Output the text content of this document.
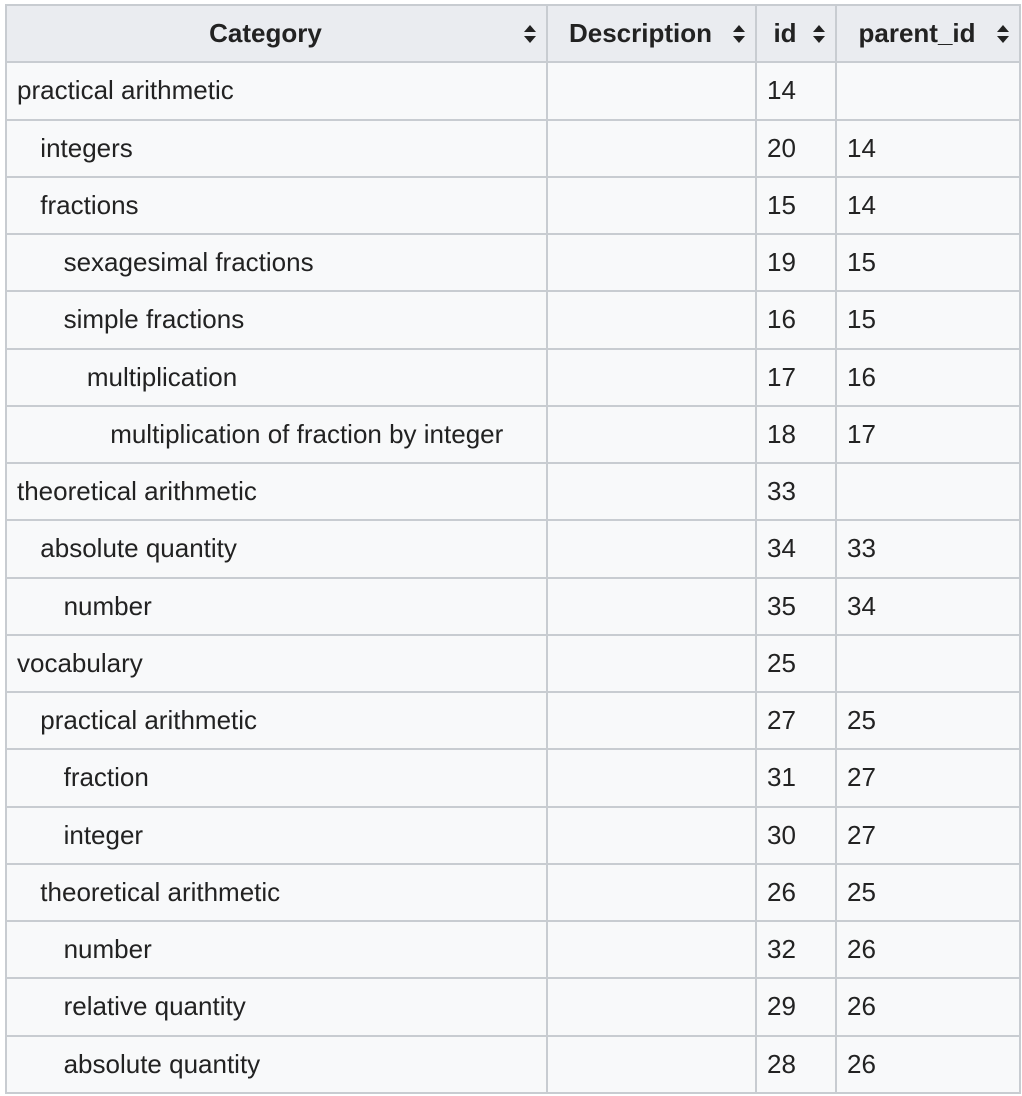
Category	Description	id	parent_id

practical arithmetic		14	
integers		20	14
fractions		15	14
sexagesimal fractions		19	15
simple fractions		16	15
multiplication		17	16
multiplication of fraction by integer		18	17
theoretical arithmetic		33	
absolute quantity		34	33
number		35	34
vocabulary		25	
practical arithmetic		27	25
fraction		31	27
integer		30	27
theoretical arithmetic		26	25
number		32	26
relative quantity		29	26
absolute quantity		28	26
